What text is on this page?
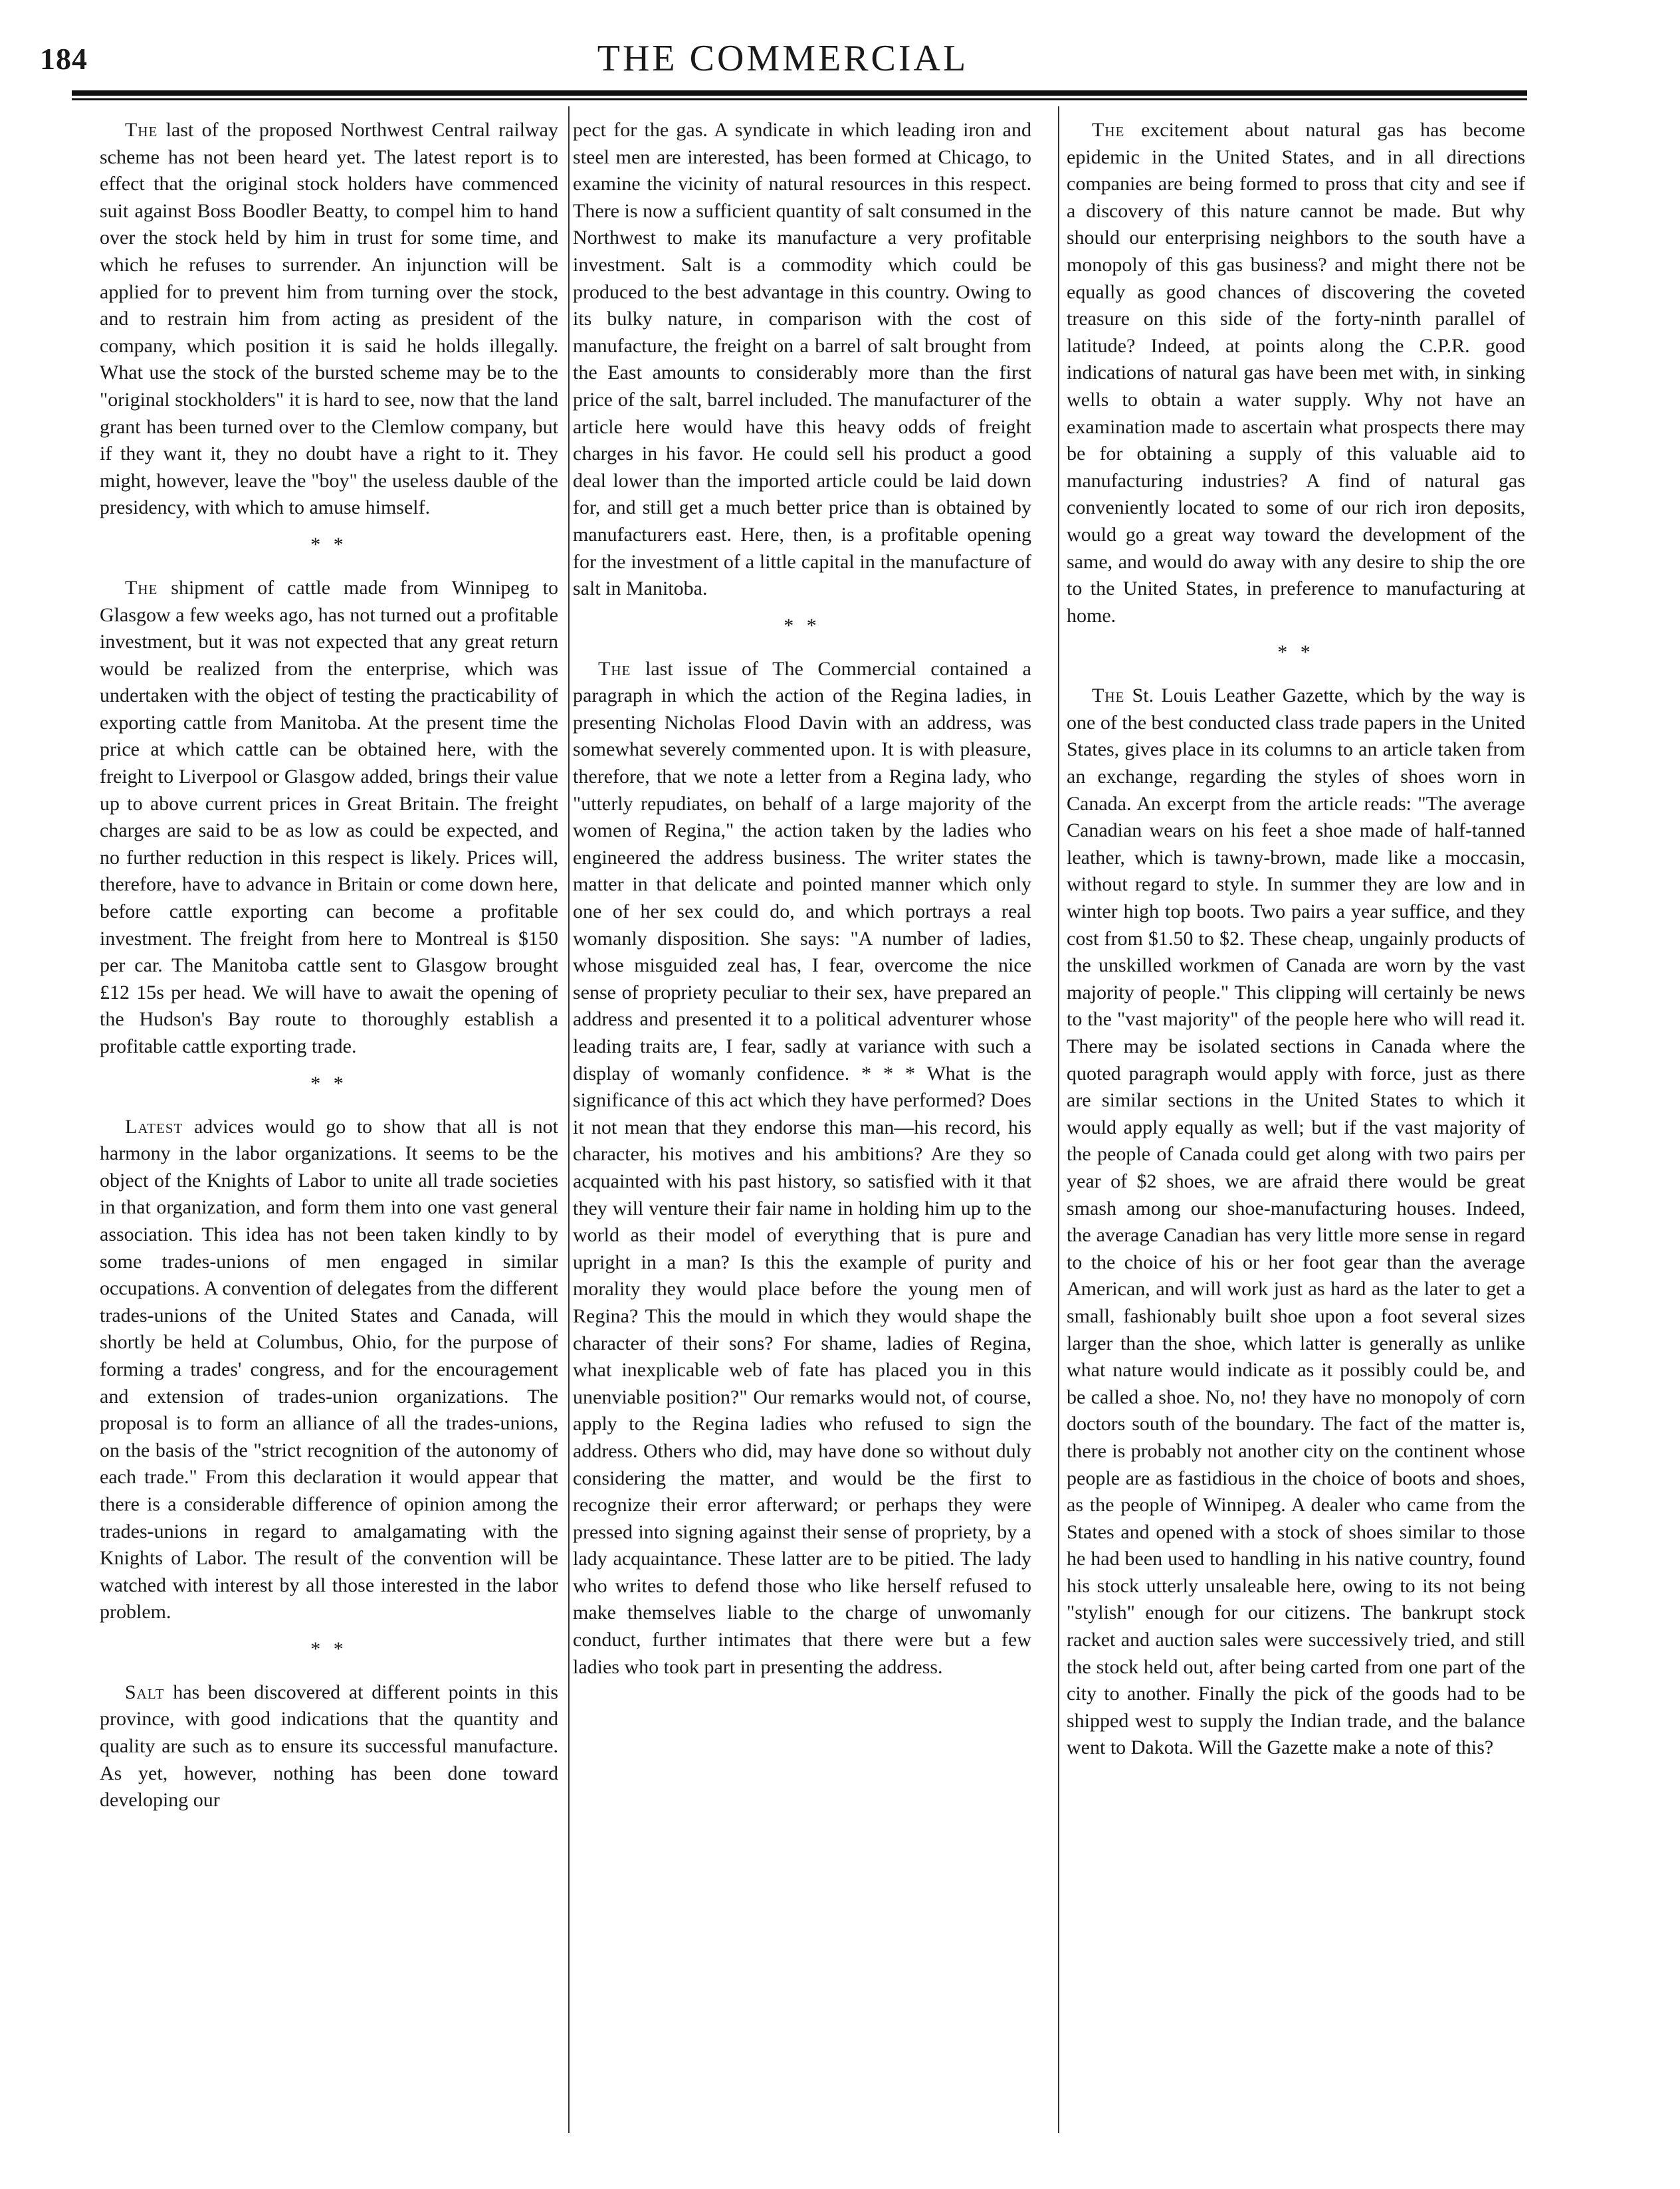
184	THE COMMERCIAL

The last of the proposed Northwest Central railway scheme has not been heard yet. The latest report is to effect that the original stock holders have commenced suit against Boss Boodler Beatty, to compel him to hand over the stock held by him in trust for some time, and which he refuses to surrender. An injunction will be applied for to prevent him from turning over the stock, and to restrain him from acting as president of the company, which position it is said he holds illegally. What use the stock of the bursted scheme may be to the "original stockholders" it is hard to see, now that the land grant has been turned over to the Clemlow company, but if they want it, they no doubt have a right to it. They might, however, leave the "boy" the useless dauble of the presidency, with which to amuse himself.

* *

The shipment of cattle made from Winnipeg to Glasgow a few weeks ago, has not turned out a profitable investment, but it was not expected that any great return would be realized from the enterprise, which was undertaken with the object of testing the practicability of exporting cattle from Manitoba. At the present time the price at which cattle can be obtained here, with the freight to Liverpool or Glasgow added, brings their value up to above current prices in Great Britain. The freight charges are said to be as low as could be expected, and no further reduction in this respect is likely. Prices will, therefore, have to advance in Britain or come down here, before cattle exporting can become a profitable investment. The freight from here to Montreal is $150 per car. The Manitoba cattle sent to Glasgow brought £12 15s per head. We will have to await the opening of the Hudson's Bay route to thoroughly establish a profitable cattle exporting trade.

* *

Latest advices would go to show that all is not harmony in the labor organizations. It seems to be the object of the Knights of Labor to unite all trade societies in that organization, and form them into one vast general association. This idea has not been taken kindly to by some trades-unions of men engaged in similar occupations. A convention of delegates from the different trades-unions of the United States and Canada, will shortly be held at Columbus, Ohio, for the purpose of forming a trades' congress, and for the encouragement and extension of trades-union organizations. The proposal is to form an alliance of all the trades-unions, on the basis of the "strict recognition of the autonomy of each trade." From this declaration it would appear that there is a considerable difference of opinion among the trades-unions in regard to amalgamating with the Knights of Labor. The result of the convention will be watched with interest by all those interested in the labor problem.

* *

Salt has been discovered at different points in this province, with good indications that the quantity and quality are such as to ensure its successful manufacture. As yet, however, nothing has been done toward developing our

pect for the gas. A syndicate in which leading iron and steel men are interested, has been formed at Chicago, to examine the vicinity of natural resources in this respect. There is now a sufficient quantity of salt consumed in the Northwest to make its manufacture a very profitable investment. Salt is a commodity which could be produced to the best advantage in this country. Owing to its bulky nature, in comparison with the cost of manufacture, the freight on a barrel of salt brought from the East amounts to considerably more than the first price of the salt, barrel included. The manufacturer of the article here would have this heavy odds of freight charges in his favor. He could sell his product a good deal lower than the imported article could be laid down for, and still get a much better price than is obtained by manufacturers east. Here, then, is a profitable opening for the investment of a little capital in the manufacture of salt in Manitoba.

* *

The last issue of The Commercial contained a paragraph in which the action of the Regina ladies, in presenting Nicholas Flood Davin with an address, was somewhat severely commented upon. It is with pleasure, therefore, that we note a letter from a Regina lady, who "utterly repudiates, on behalf of a large majority of the women of Regina," the action taken by the ladies who engineered the address business. The writer states the matter in that delicate and pointed manner which only one of her sex could do, and which portrays a real womanly disposition. She says: "A number of ladies, whose misguided zeal has, I fear, overcome the nice sense of propriety peculiar to their sex, have prepared an address and presented it to a political adventurer whose leading traits are, I fear, sadly at variance with such a display of womanly confidence. * * * What is the significance of this act which they have performed? Does it not mean that they endorse this man—his record, his character, his motives and his ambitions? Are they so acquainted with his past history, so satisfied with it that they will venture their fair name in holding him up to the world as their model of everything that is pure and upright in a man? Is this the example of purity and morality they would place before the young men of Regina? This the mould in which they would shape the character of their sons? For shame, ladies of Regina, what inexplicable web of fate has placed you in this unenviable position?" Our remarks would not, of course, apply to the Regina ladies who refused to sign the address. Others who did, may have done so without duly considering the matter, and would be the first to recognize their error afterward; or perhaps they were pressed into signing against their sense of propriety, by a lady acquaintance. These latter are to be pitied. The lady who writes to defend those who like herself refused to make themselves liable to the charge of unwomanly conduct, further intimates that there were but a few ladies who took part in presenting the address.

The excitement about natural gas has become epidemic in the United States, and in all directions companies are being formed to pross that city and see if a discovery of this nature cannot be made. But why should our enterprising neighbors to the south have a monopoly of this gas business? and might there not be equally as good chances of discovering the coveted treasure on this side of the forty-ninth parallel of latitude? Indeed, at points along the C.P.R. good indications of natural gas have been met with, in sinking wells to obtain a water supply. Why not have an examination made to ascertain what prospects there may be for obtaining a supply of this valuable aid to manufacturing industries? A find of natural gas conveniently located to some of our rich iron deposits, would go a great way toward the development of the same, and would do away with any desire to ship the ore to the United States, in preference to manufacturing at home.

* *

The St. Louis Leather Gazette, which by the way is one of the best conducted class trade papers in the United States, gives place in its columns to an article taken from an exchange, regarding the styles of shoes worn in Canada. An excerpt from the article reads: "The average Canadian wears on his feet a shoe made of half-tanned leather, which is tawny-brown, made like a moccasin, without regard to style. In summer they are low and in winter high top boots. Two pairs a year suffice, and they cost from $1.50 to $2. These cheap, ungainly products of the unskilled workmen of Canada are worn by the vast majority of people." This clipping will certainly be news to the "vast majority" of the people here who will read it. There may be isolated sections in Canada where the quoted paragraph would apply with force, just as there are similar sections in the United States to which it would apply equally as well; but if the vast majority of the people of Canada could get along with two pairs per year of $2 shoes, we are afraid there would be great smash among our shoe-manufacturing houses. Indeed, the average Canadian has very little more sense in regard to the choice of his or her foot gear than the average American, and will work just as hard as the later to get a small, fashionably built shoe upon a foot several sizes larger than the shoe, which latter is generally as unlike what nature would indicate as it possibly could be, and be called a shoe. No, no! they have no monopoly of corn doctors south of the boundary. The fact of the matter is, there is probably not another city on the continent whose people are as fastidious in the choice of boots and shoes, as the people of Winnipeg. A dealer who came from the States and opened with a stock of shoes similar to those he had been used to handling in his native country, found his stock utterly unsaleable here, owing to its not being "stylish" enough for our citizens. The bankrupt stock racket and auction sales were successively tried, and still the stock held out, after being carted from one part of the city to another. Finally the pick of the goods had to be shipped west to supply the Indian trade, and the balance went to Dakota. Will the Gazette make a note of this?
